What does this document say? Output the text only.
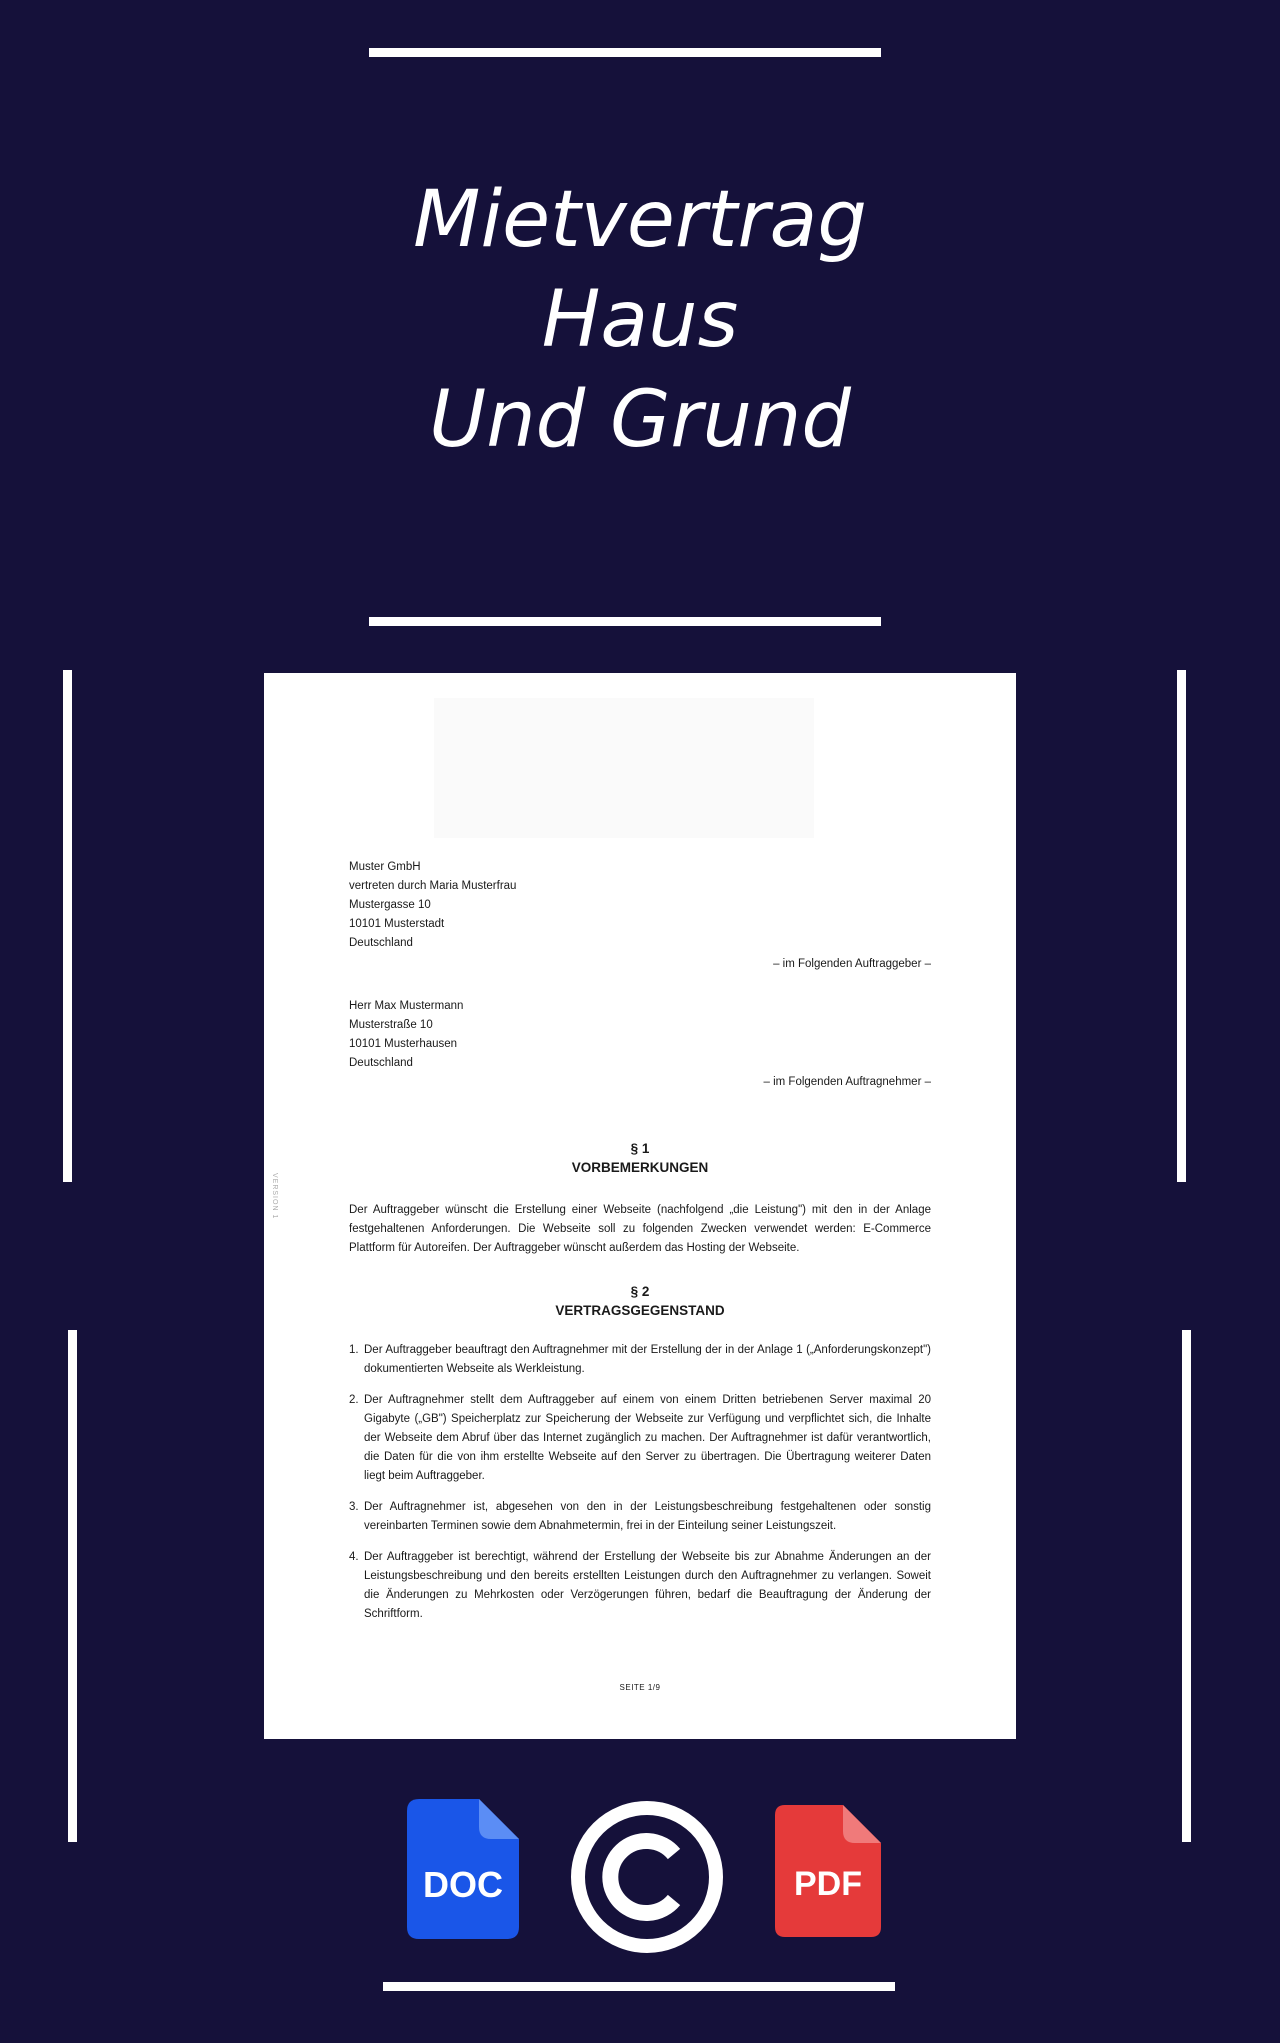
Mietvertrag
Haus
Und Grund
VERSION 1
Muster GmbH
vertreten durch Maria Musterfrau
Mustergasse 10
10101 Musterstadt
Deutschland
– im Folgenden Auftraggeber –
Herr Max Mustermann
Musterstraße 10
10101 Musterhausen
Deutschland
– im Folgenden Auftragnehmer –
§ 1
VORBEMERKUNGEN
Der Auftraggeber wünscht die Erstellung einer Webseite (nachfolgend „die Leistung") mit den in der Anlage festgehaltenen Anforderungen. Die Webseite soll zu folgenden Zwecken verwendet werden: E-Commerce Plattform für Autoreifen. Der Auftraggeber wünscht außerdem das Hosting der Webseite.
§ 2
VERTRAGSGEGENSTAND
1. Der Auftraggeber beauftragt den Auftragnehmer mit der Erstellung der in der Anlage 1 („Anforderungskonzept") dokumentierten Webseite als Werkleistung.
2. Der Auftragnehmer stellt dem Auftraggeber auf einem von einem Dritten betriebenen Server maximal 20 Gigabyte („GB") Speicherplatz zur Speicherung der Webseite zur Verfügung und verpflichtet sich, die Inhalte der Webseite dem Abruf über das Internet zugänglich zu machen. Der Auftragnehmer ist dafür verantwortlich, die Daten für die von ihm erstellte Webseite auf den Server zu übertragen. Die Übertragung weiterer Daten liegt beim Auftraggeber.
3. Der Auftragnehmer ist, abgesehen von den in der Leistungsbeschreibung festgehaltenen oder sonstig vereinbarten Terminen sowie dem Abnahmetermin, frei in der Einteilung seiner Leistungszeit.
4. Der Auftraggeber ist berechtigt, während der Erstellung der Webseite bis zur Abnahme Änderungen an der Leistungsbeschreibung und den bereits erstellten Leistungen durch den Auftragnehmer zu verlangen. Soweit die Änderungen zu Mehrkosten oder Verzögerungen führen, bedarf die Beauftragung der Änderung der Schriftform.
SEITE 1/9
DOC	PDF
